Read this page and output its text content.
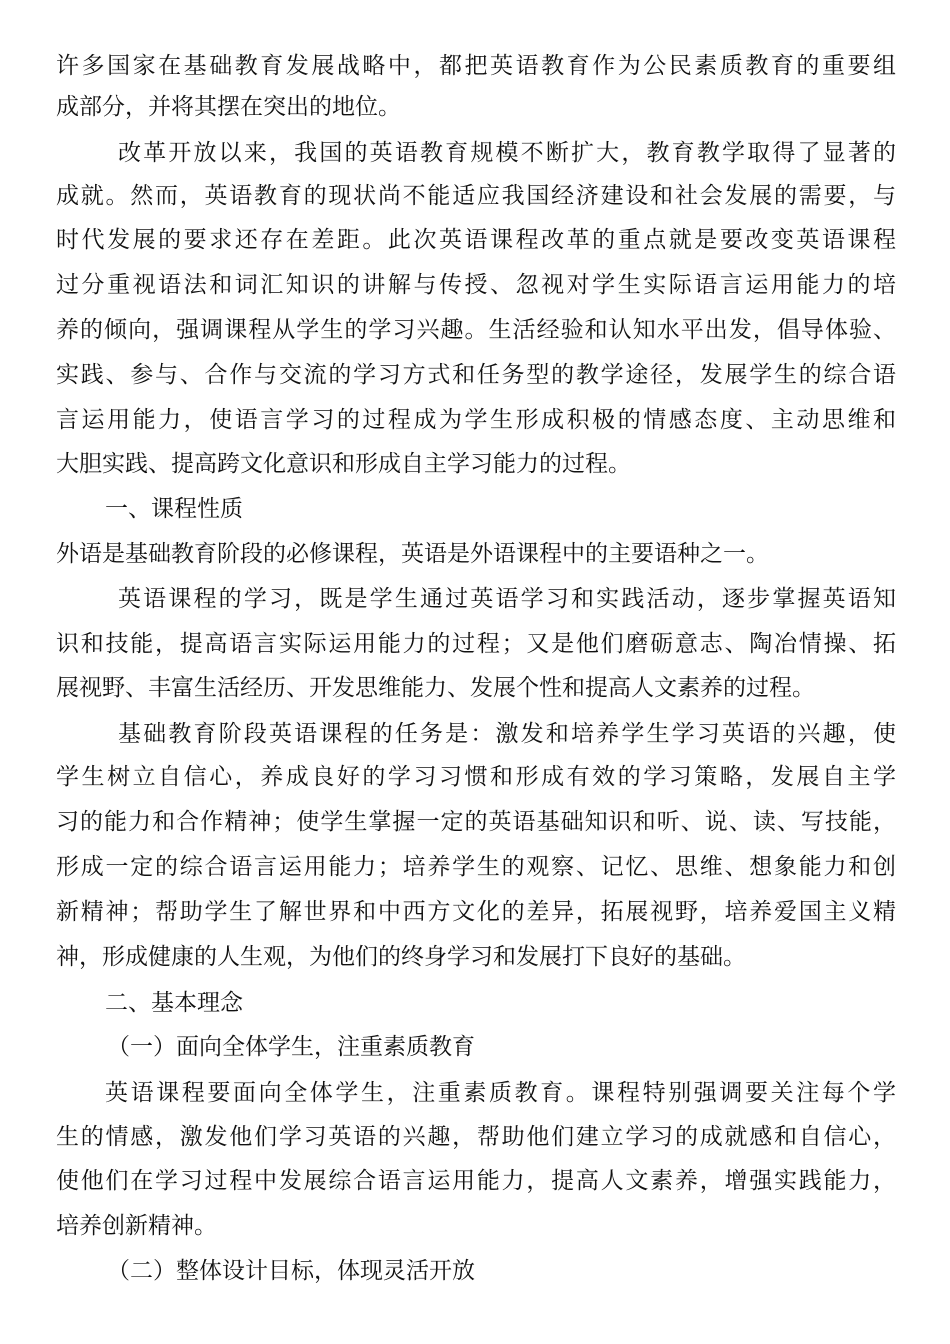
许多国家在基础教育发展战略中，都把英语教育作为公民素质教育的重要组
成部分，并将其摆在突出的地位。
改革开放以来，我国的英语教育规模不断扩大，教育教学取得了显著的
成就。然而，英语教育的现状尚不能适应我国经济建设和社会发展的需要，与
时代发展的要求还存在差距。此次英语课程改革的重点就是要改变英语课程
过分重视语法和词汇知识的讲解与传授、忽视对学生实际语言运用能力的培
养的倾向，强调课程从学生的学习兴趣。生活经验和认知水平出发，倡导体验、
实践、参与、合作与交流的学习方式和任务型的教学途径，发展学生的综合语
言运用能力，使语言学习的过程成为学生形成积极的情感态度、主动思维和
大胆实践、提高跨文化意识和形成自主学习能力的过程。
一、课程性质
外语是基础教育阶段的必修课程，英语是外语课程中的主要语种之一。
英语课程的学习，既是学生通过英语学习和实践活动，逐步掌握英语知
识和技能，提高语言实际运用能力的过程；又是他们磨砺意志、陶冶情操、拓
展视野、丰富生活经历、开发思维能力、发展个性和提高人文素养的过程。
基础教育阶段英语课程的任务是：激发和培养学生学习英语的兴趣，使
学生树立自信心，养成良好的学习习惯和形成有效的学习策略，发展自主学
习的能力和合作精神；使学生掌握一定的英语基础知识和听、说、读、写技能，
形成一定的综合语言运用能力；培养学生的观察、记忆、思维、想象能力和创
新精神；帮助学生了解世界和中西方文化的差异，拓展视野，培养爱国主义精
神，形成健康的人生观，为他们的终身学习和发展打下良好的基础。
二、基本理念
（一）面向全体学生，注重素质教育
英语课程要面向全体学生，注重素质教育。课程特别强调要关注每个学
生的情感，激发他们学习英语的兴趣，帮助他们建立学习的成就感和自信心，
使他们在学习过程中发展综合语言运用能力，提高人文素养，增强实践能力，
培养创新精神。
（二）整体设计目标，体现灵活开放
